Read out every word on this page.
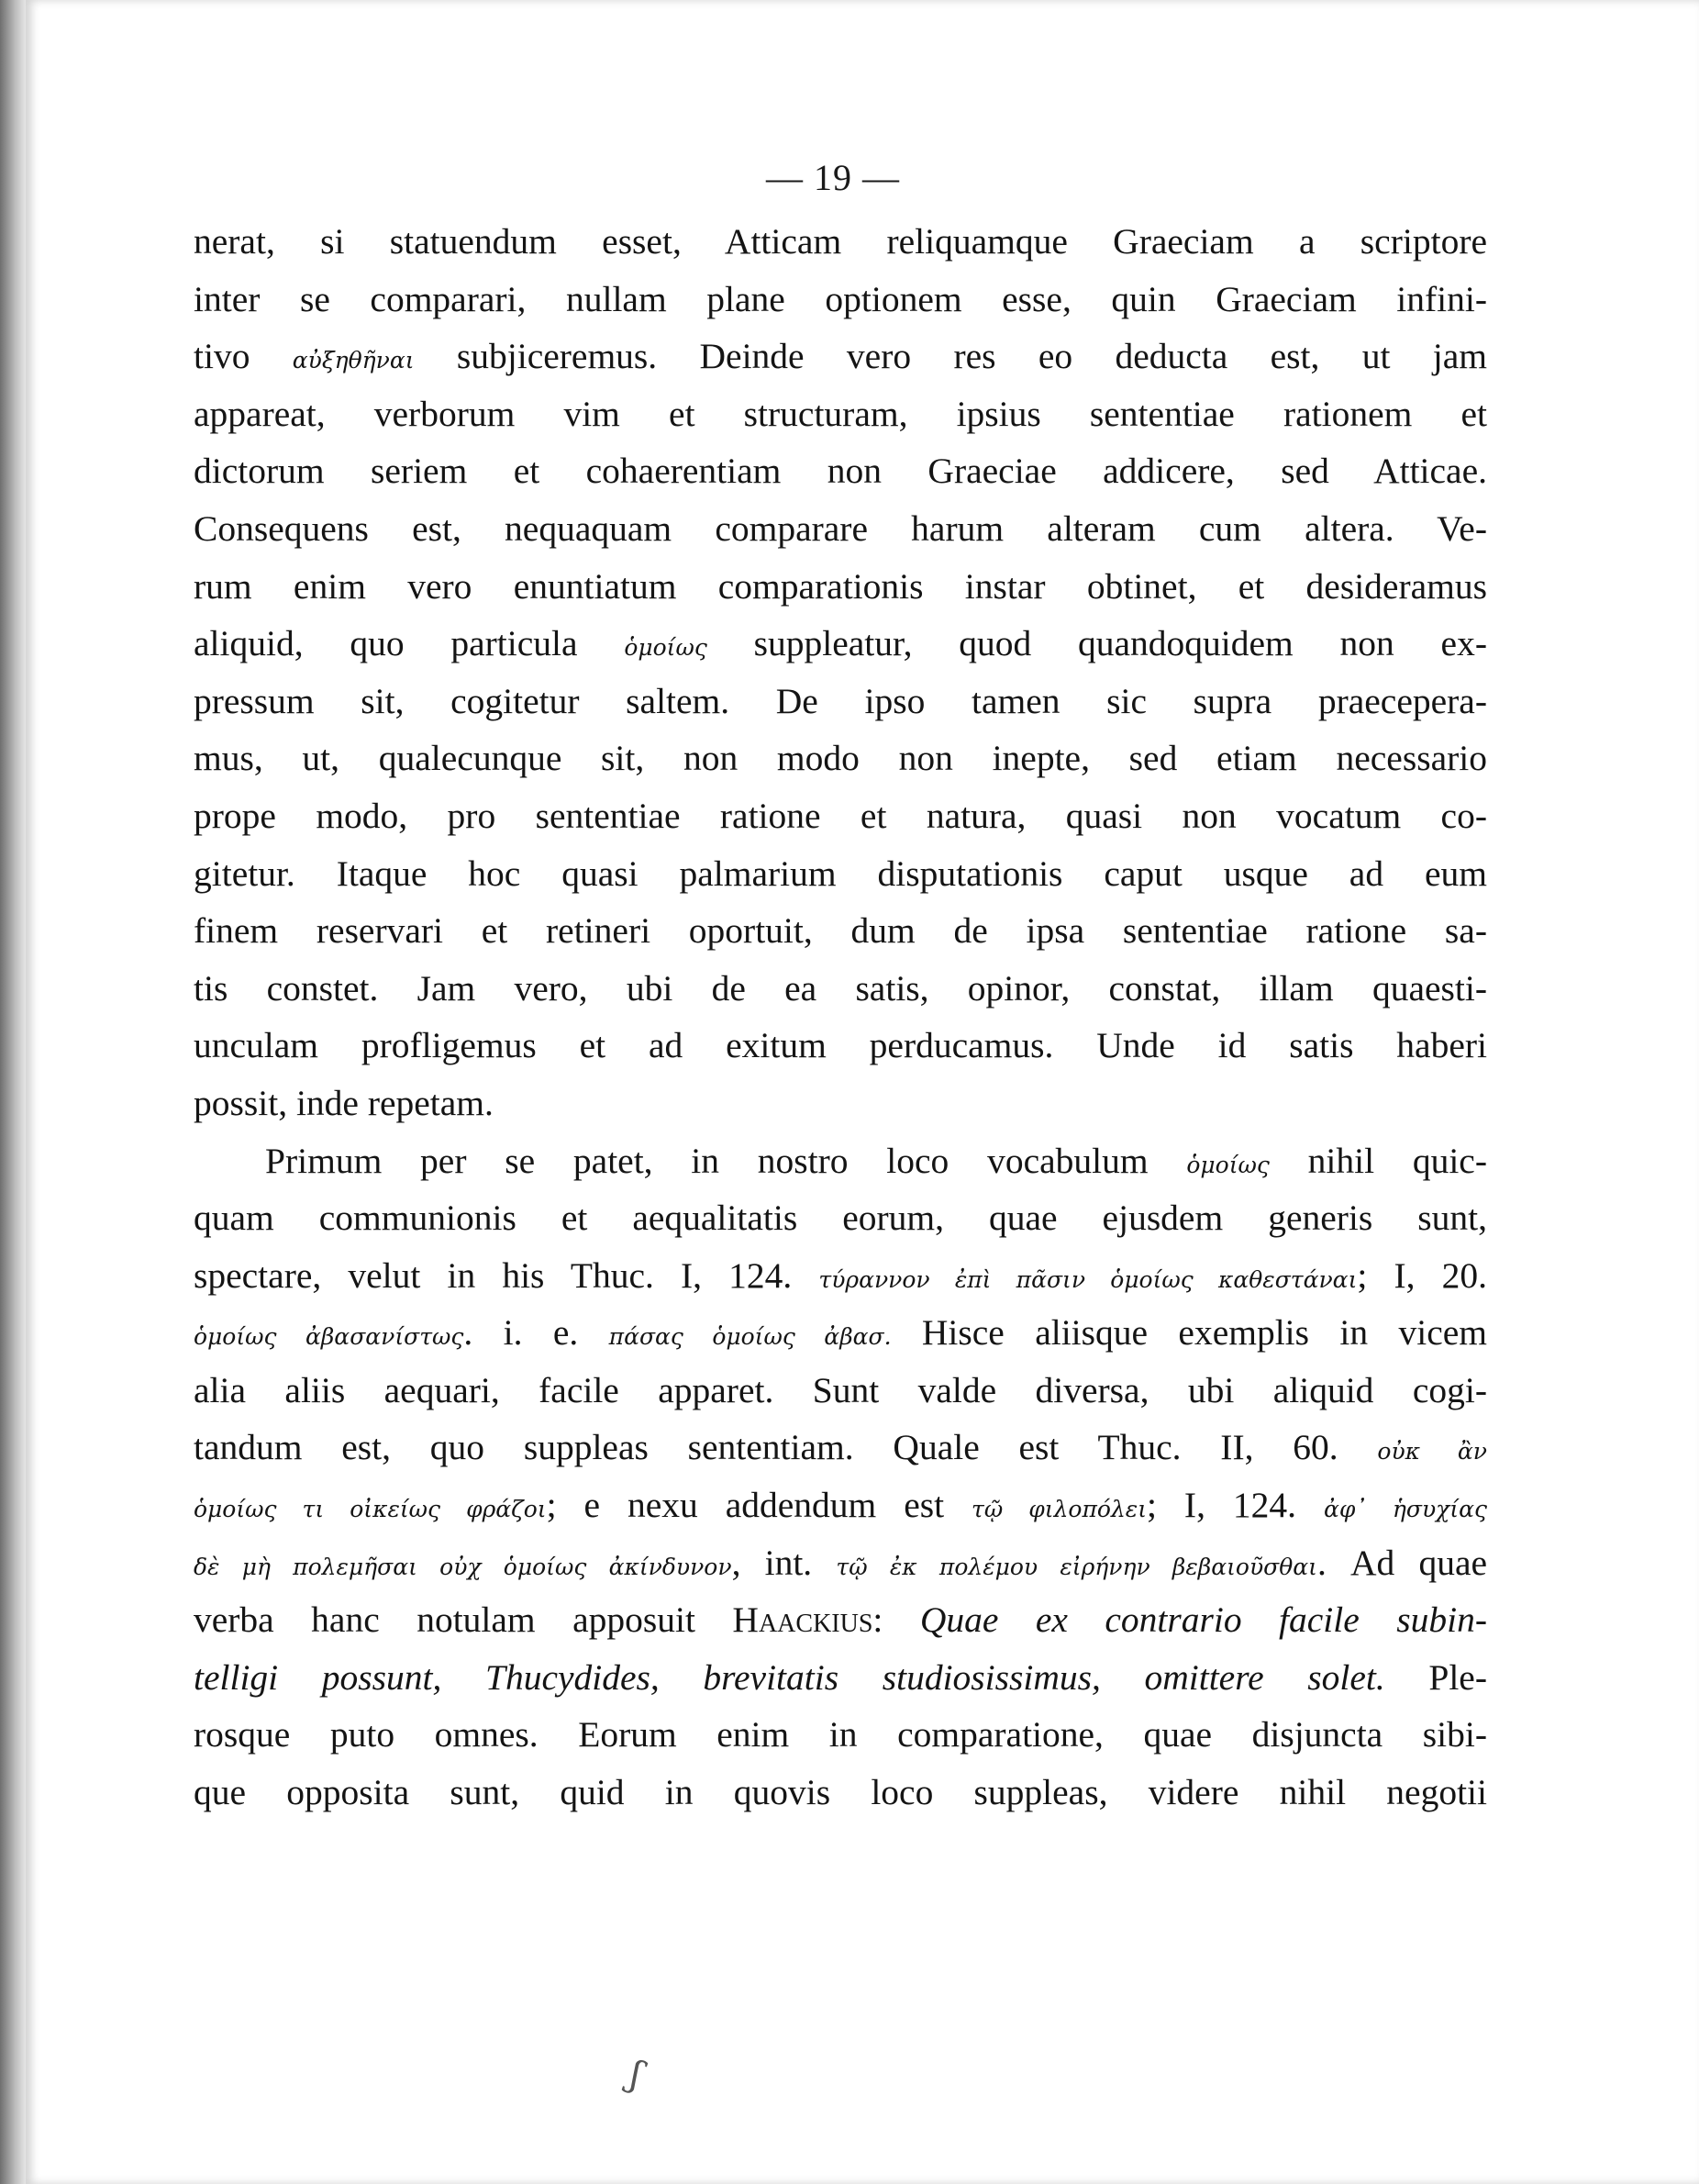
— 19 —
nerat, si statuendum esset, Atticam reliquamque Graeciam a scriptore
inter se comparari, nullam plane optionem esse, quin Graeciam infini-
tivo αὐξηθῆναι subjiceremus. Deinde vero res eo deducta est, ut jam
appareat, verborum vim et structuram, ipsius sententiae rationem et
dictorum seriem et cohaerentiam non Graeciae addicere, sed Atticae.
Consequens est, nequaquam comparare harum alteram cum altera. Ve-
rum enim vero enuntiatum comparationis instar obtinet, et desideramus
aliquid, quo particula ὁμοίως suppleatur, quod quandoquidem non ex-
pressum sit, cogitetur saltem. De ipso tamen sic supra praecepera-
mus, ut, qualecunque sit, non modo non inepte, sed etiam necessario
prope modo, pro sententiae ratione et natura, quasi non vocatum co-
gitetur. Itaque hoc quasi palmarium disputationis caput usque ad eum
finem reservari et retineri oportuit, dum de ipsa sententiae ratione sa-
tis constet. Jam vero, ubi de ea satis, opinor, constat, illam quaesti-
unculam profligemus et ad exitum perducamus. Unde id satis haberi
possit, inde repetam.
Primum per se patet, in nostro loco vocabulum ὁμοίως nihil quic-
quam communionis et aequalitatis eorum, quae ejusdem generis sunt,
spectare, velut in his Thuc. I, 124. τύραννον ἐπὶ πᾶσιν ὁμοίως καθεστάναι; I, 20.
ὁμοίως ἀβασανίστως. i. e. πάσας ὁμοίως ἀβασ. Hisce aliisque exemplis in vicem
alia aliis aequari, facile apparet. Sunt valde diversa, ubi aliquid cogi-
tandum est, quo suppleas sententiam. Quale est Thuc. II, 60. οὐκ ἂν
ὁμοίως τι οἰκείως φράζοι; e nexu addendum est τῷ φιλοπόλει; I, 124. ἀφ᾽ ἡσυχίας
δὲ μὴ πολεμῆσαι οὐχ ὁμοίως ἀκίνδυνον, int. τῷ ἐκ πολέμου εἰρήνην βεβαιοῦσθαι. Ad quae
verba hanc notulam apposuit Haackius: Quae ex contrario facile subin-
telligi possunt, Thucydides, brevitatis studiosissimus, omittere solet. Ple-
rosque puto omnes. Eorum enim in comparatione, quae disjuncta sibi-
que opposita sunt, quid in quovis loco suppleas, videre nihil negotii
ʃ
